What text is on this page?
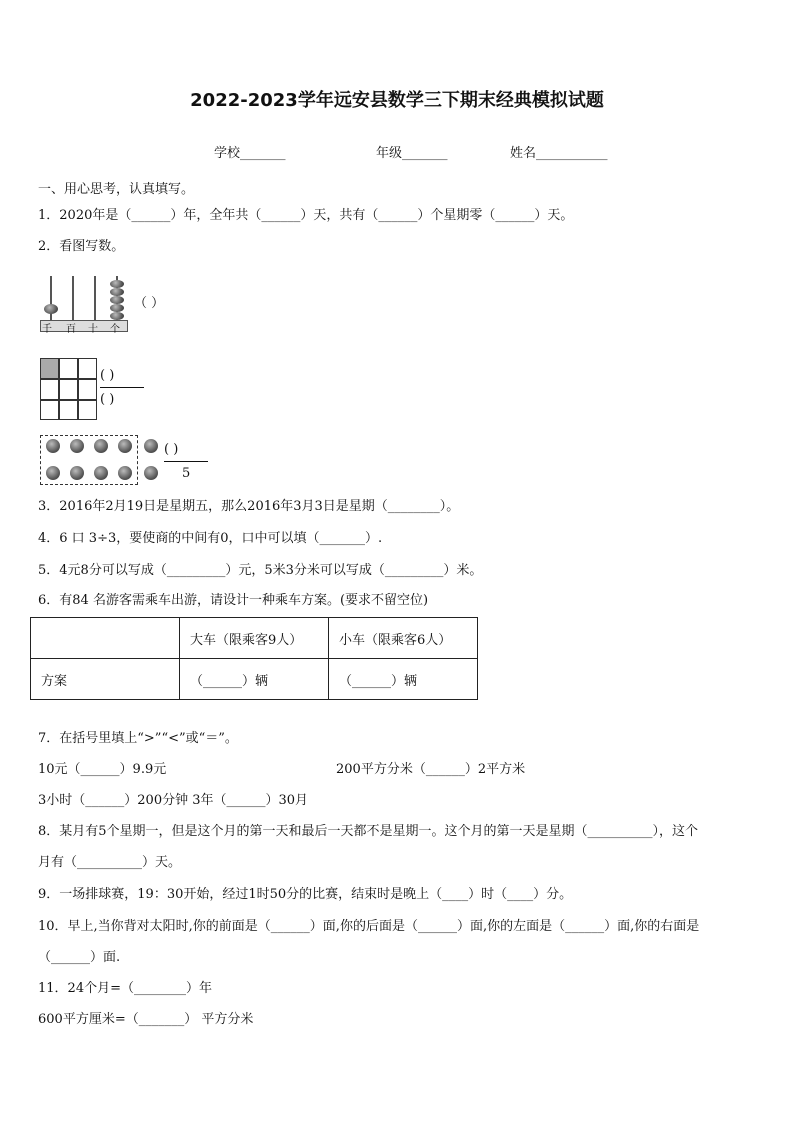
2022-2023学年远安县数学三下期末经典模拟试题
学校_______	年级_______	姓名___________
一、用心思考，认真填写。
1．2020年是（______）年，全年共（______）天，共有（______）个星期零（______）天。
2．看图写数。
千 百 十 个
（ ）
( )
( )
( )
5
3．2016年2月19日是星期五，那么2016年3月3日是星期（________）。
4．6 口 3÷3，要使商的中间有0，口中可以填（_______）.
5．4元8分可以写成（_________）元，5米3分米可以写成（_________）米。
6．有84 名游客需乘车出游，请设计一种乘车方案。(要求不留空位)
	大车（限乘客9人）	小车（限乘客6人）
方案	（______）辆	（______）辆
7．在括号里填上“>”“<”或“＝”。
10元（______）9.9元	200平方分米（______）2平方米
3小时（______）200分钟 3年（______）30月
8．某月有5个星期一，但是这个月的第一天和最后一天都不是星期一。这个月的第一天是星期（__________），这个
月有（__________）天。
9．一场排球赛，19：30开始，经过1时50分的比赛，结束时是晚上（____）时（____）分。
10．早上,当你背对太阳时,你的前面是（______）面,你的后面是（______）面,你的左面是（______）面,你的右面是
（______）面.
11．24个月=（________）年
600平方厘米=（_______） 平方分米
